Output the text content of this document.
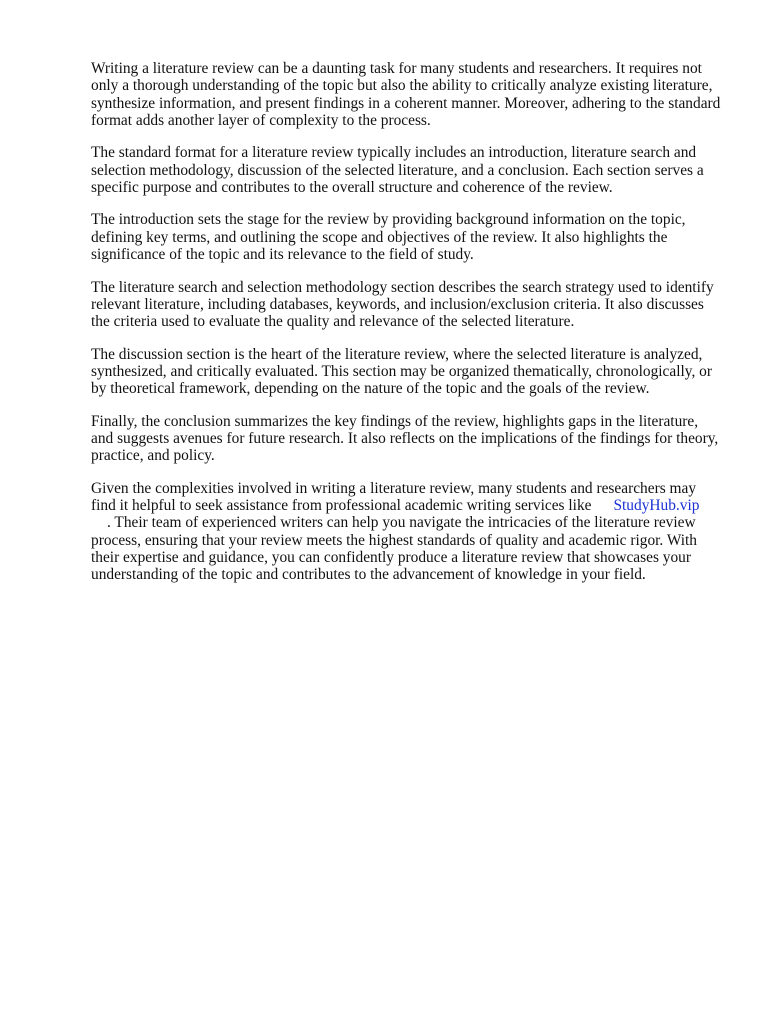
Writing a literature review can be a daunting task for many students and researchers. It requires not only a thorough understanding of the topic but also the ability to critically analyze existing literature, synthesize information, and present findings in a coherent manner. Moreover, adhering to the standard format adds another layer of complexity to the process.

The standard format for a literature review typically includes an introduction, literature search and selection methodology, discussion of the selected literature, and a conclusion. Each section serves a specific purpose and contributes to the overall structure and coherence of the review.

The introduction sets the stage for the review by providing background information on the topic, defining key terms, and outlining the scope and objectives of the review. It also highlights the significance of the topic and its relevance to the field of study.

The literature search and selection methodology section describes the search strategy used to identify relevant literature, including databases, keywords, and inclusion/exclusion criteria. It also discusses the criteria used to evaluate the quality and relevance of the selected literature.

The discussion section is the heart of the literature review, where the selected literature is analyzed, synthesized, and critically evaluated. This section may be organized thematically, chronologically, or by theoretical framework, depending on the nature of the topic and the goals of the review.

Finally, the conclusion summarizes the key findings of the review, highlights gaps in the literature, and suggests avenues for future research. It also reflects on the implications of the findings for theory, practice, and policy.

Given the complexities involved in writing a literature review, many students and researchers may
find it helpful to seek assistance from professional academic writing services like StudyHub.vip
. Their team of experienced writers can help you navigate the intricacies of the literature review process, ensuring that your review meets the highest standards of quality and academic rigor. With their expertise and guidance, you can confidently produce a literature review that showcases your understanding of the topic and contributes to the advancement of knowledge in your field.
